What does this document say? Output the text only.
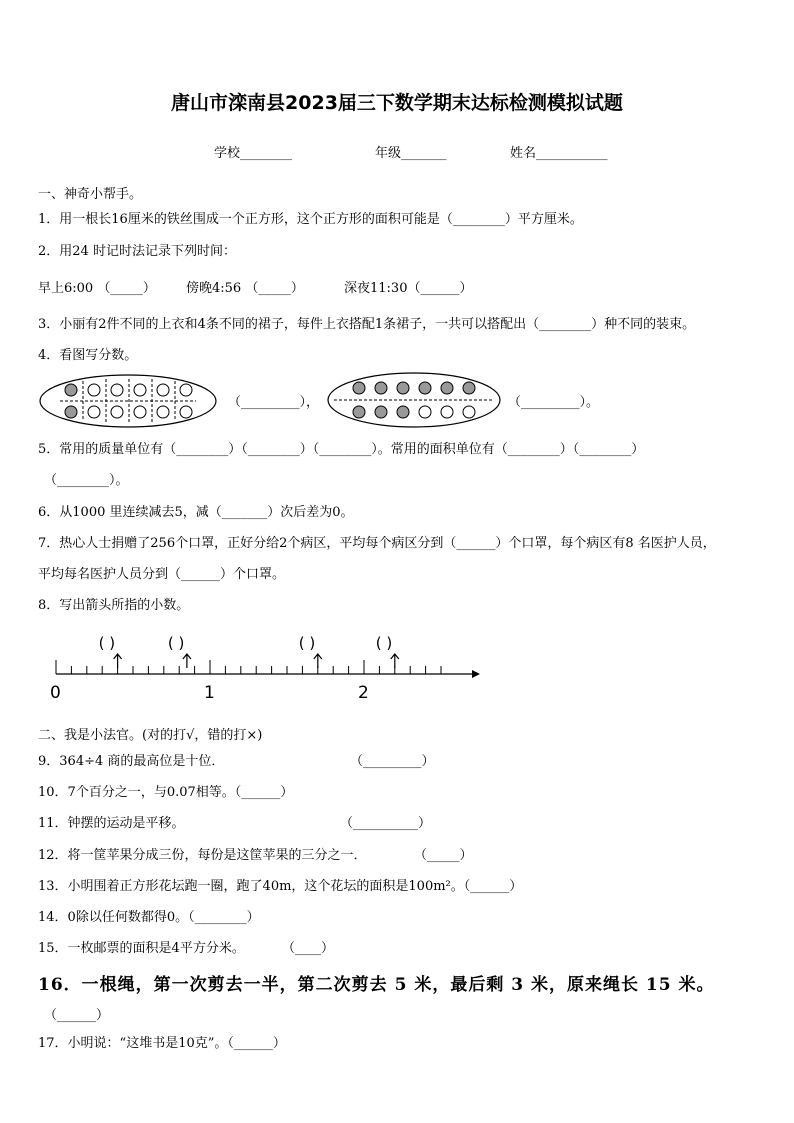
唐山市滦南县2023届三下数学期末达标检测模拟试题
学校________	年级_______	姓名___________
一、神奇小帮手。
1．用一根长16厘米的铁丝围成一个正方形，这个正方形的面积可能是（________）平方厘米。
2．用24 时记时法记录下列时间：
早上6:00 （_____） 傍晚4:56 （_____）	深夜11:30（______）
3．小丽有2件不同的上衣和4条不同的裙子，每件上衣搭配1条裙子，一共可以搭配出（________）种不同的装束。
4．看图写分数。
（_________），	（_________）。
5．常用的质量单位有（________）（________）（________）。常用的面积单位有（________）（________）
（________）。
6．从1000 里连续减去5，减（_______）次后差为0。
7．热心人士捐赠了256个口罩，正好分给2个病区，平均每个病区分到（______）个口罩，每个病区有8 名医护人员，
平均每名医护人员分到（______）个口罩。
8．写出箭头所指的小数。
0	1	2
( )	( )	( )	( )
二、我是小法官。(对的打√，错的打×)
9．364÷4 商的最高位是十位．	（_________）
10．7个百分之一，与0.07相等。（______）
11．钟摆的运动是平移。	（__________）
12．将一筐苹果分成三份，每份是这筐苹果的三分之一．	（_____）
13．小明围着正方形花坛跑一圈，跑了40m，这个花坛的面积是100m²。（______）
14．0除以任何数都得0。（________）
15．一枚邮票的面积是4平方分米。	（____）
16．一根绳，第一次剪去一半，第二次剪去 5 米，最后剩 3 米，原来绳长 15 米。
（______）
17．小明说：“这堆书是10克”。（______）
